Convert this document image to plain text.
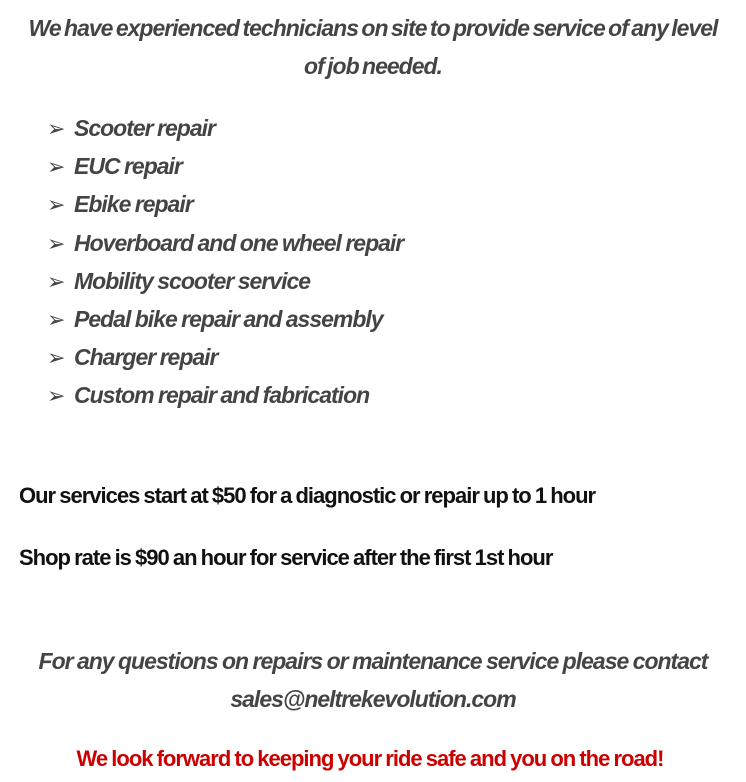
We have experienced technicians on site to provide service of any level
of job needed.
➢ Scooter repair
➢ EUC repair
➢ Ebike repair
➢ Hoverboard and one wheel repair
➢ Mobility scooter service
➢ Pedal bike repair and assembly
➢ Charger repair
➢ Custom repair and fabrication
Our services start at $50 for a diagnostic or repair up to 1 hour
Shop rate is $90 an hour for service after the first 1st hour
For any questions on repairs or maintenance service please contact
sales@neltrekevolution.com
We look forward to keeping your ride safe and you on the road!
